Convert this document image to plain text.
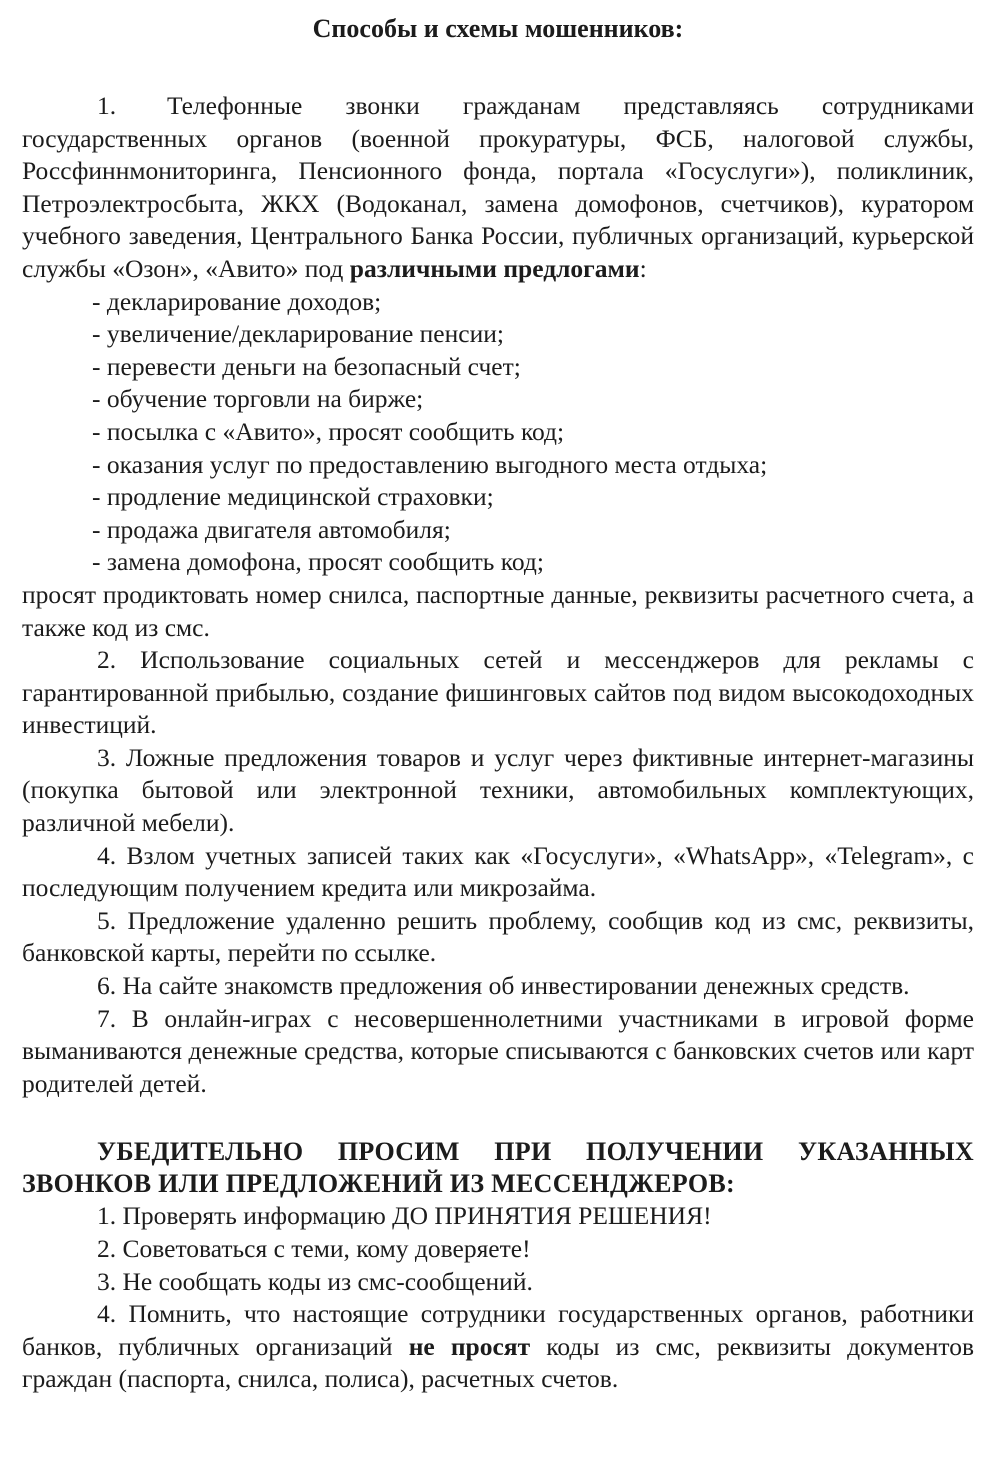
Способы и схемы мошенников:

1. Телефонные звонки гражданам представляясь сотрудниками государственных органов (военной прокуратуры, ФСБ, налоговой службы, Россфиннмониторинга, Пенсионного фонда, портала «Госуслуги»), поликлиник, Петроэлектросбыта, ЖКХ (Водоканал, замена домофонов, счетчиков), куратором учебного заведения, Центрального Банка России, публичных организаций, курьерской службы «Озон», «Авито» под различными предлогами:

- декларирование доходов;

- увеличение/декларирование пенсии;

- перевести деньги на безопасный счет;

- обучение торговли на бирже;

- посылка с «Авито», просят сообщить код;

- оказания услуг по предоставлению выгодного места отдыха;

- продление медицинской страховки;

- продажа двигателя автомобиля;

- замена домофона, просят сообщить код;

просят продиктовать номер снилса, паспортные данные, реквизиты расчетного счета, а также код из смс.

2. Использование социальных сетей и мессенджеров для рекламы с гарантированной прибылью, создание фишинговых сайтов под видом высокодоходных инвестиций.

3. Ложные предложения товаров и услуг через фиктивные интернет-магазины (покупка бытовой или электронной техники, автомобильных комплектующих, различной мебели).

4. Взлом учетных записей таких как «Госуслуги», «WhatsApp», «Telegram», с последующим получением кредита или микрозайма.

5. Предложение удаленно решить проблему, сообщив код из смс, реквизиты, банковской карты, перейти по ссылке.

6. На сайте знакомств предложения об инвестировании денежных средств.

7. В онлайн-играх с несовершеннолетними участниками в игровой форме выманиваются денежные средства, которые списываются с банковских счетов или карт родителей детей.

УБЕДИТЕЛЬНО ПРОСИМ ПРИ ПОЛУЧЕНИИ УКАЗАННЫХ ЗВОНКОВ ИЛИ ПРЕДЛОЖЕНИЙ ИЗ МЕССЕНДЖЕРОВ:

1. Проверять информацию ДО ПРИНЯТИЯ РЕШЕНИЯ!

2. Советоваться с теми, кому доверяете!

3. Не сообщать коды из смс-сообщений.

4. Помнить, что настоящие сотрудники государственных органов, работники банков, публичных организаций не просят коды из смс, реквизиты документов граждан (паспорта, снилса, полиса), расчетных счетов.
